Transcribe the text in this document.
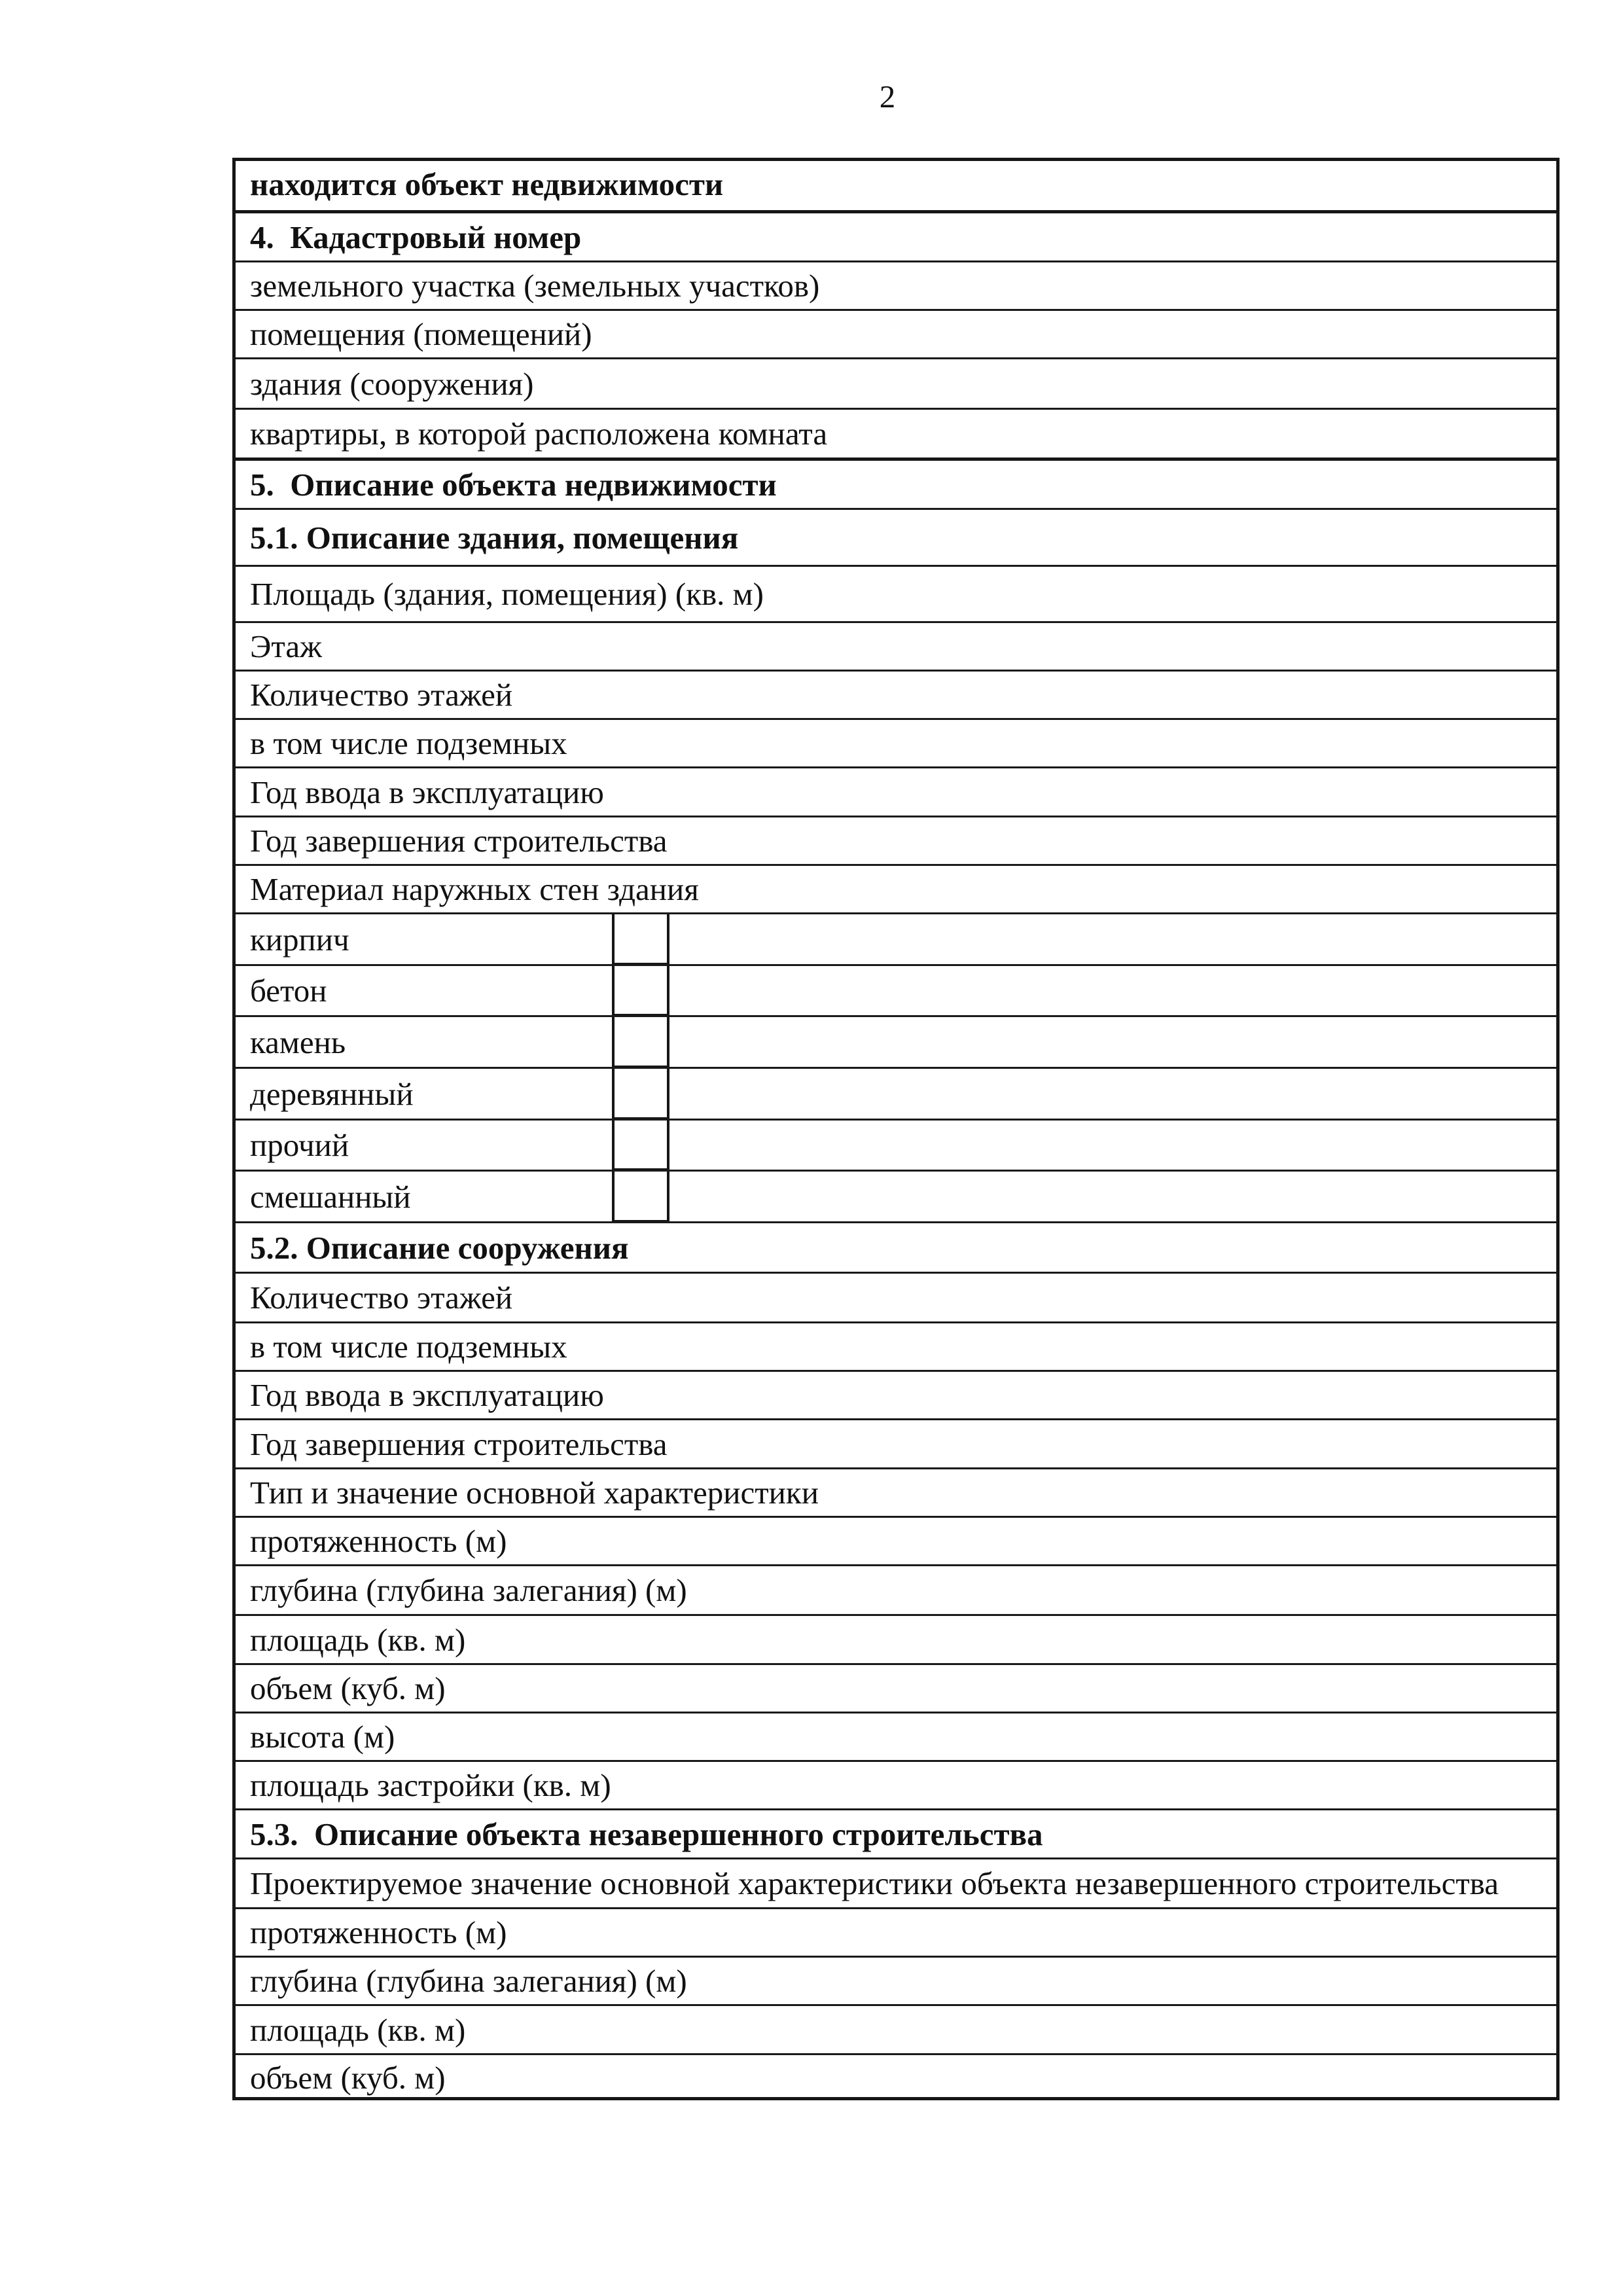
2
находится объект недвижимости
4.  Кадастровый номер
земельного участка (земельных участков)
помещения (помещений)
здания (сооружения)
квартиры, в которой расположена комната
5.  Описание объекта недвижимости
5.1. Описание здания, помещения
Площадь (здания, помещения) (кв. м)
Этаж
Количество этажей
в том числе подземных
Год ввода в эксплуатацию
Год завершения строительства
Материал наружных стен здания
кирпич
бетон
камень
деревянный
прочий
смешанный
5.2. Описание сооружения
Количество этажей
в том числе подземных
Год ввода в эксплуатацию
Год завершения строительства
Тип и значение основной характеристики
протяженность (м)
глубина (глубина залегания) (м)
площадь (кв. м)
объем (куб. м)
высота (м)
площадь застройки (кв. м)
5.3.  Описание объекта незавершенного строительства
Проектируемое значение основной характеристики объекта незавершенного строительства
протяженность (м)
глубина (глубина залегания) (м)
площадь (кв. м)
объем (куб. м)
